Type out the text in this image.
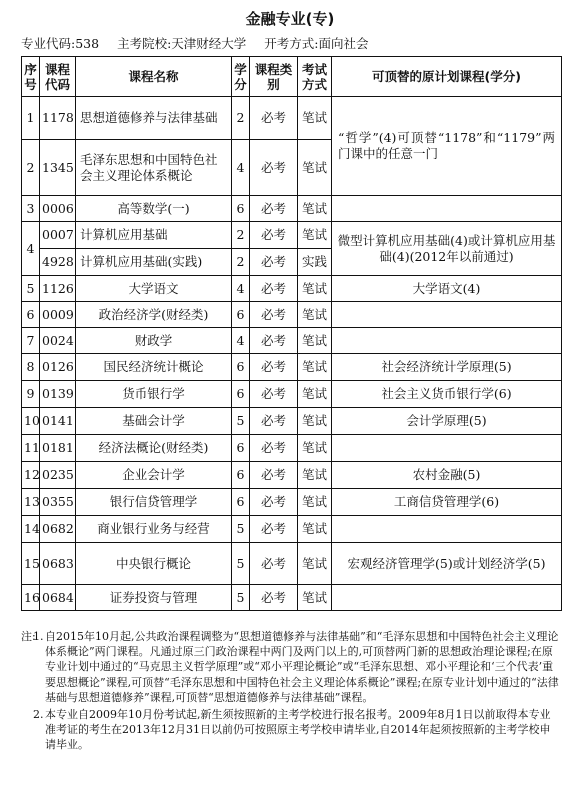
金融专业(专)
专业代码:538 主考院校:天津财经大学 开考方式:面向社会
序号	课程代码	课程名称	学分	课程类别	考试方式	可顶替的原计划课程(学分)
1	1178	思想道德修养与法律基础	2	必考	笔试	“哲学”(4)可顶替“1178”和“1179”两门课中的任意一门
2	1345	毛泽东思想和中国特色社会主义理论体系概论	4	必考	笔试	
3	0006	高等数学(一)	6	必考	笔试	
4	0007	计算机应用基础	2	必考	笔试	微型计算机应用基础(4)或计算机应用基础(4)(2012年以前通过)
	4928	计算机应用基础(实践)	2	必考	实践	
5	1126	大学语文	4	必考	笔试	大学语文(4)
6	0009	政治经济学(财经类)	6	必考	笔试	
7	0024	财政学	4	必考	笔试	
8	0126	国民经济统计概论	6	必考	笔试	社会经济统计学原理(5)
9	0139	货币银行学	6	必考	笔试	社会主义货币银行学(6)
10	0141	基础会计学	5	必考	笔试	会计学原理(5)
11	0181	经济法概论(财经类)	6	必考	笔试	
12	0235	企业会计学	6	必考	笔试	农村金融(5)
13	0355	银行信贷管理学	6	必考	笔试	工商信贷管理学(6)
14	0682	商业银行业务与经营	5	必考	笔试	
15	0683	中央银行概论	5	必考	笔试	宏观经济管理学(5)或计划经济学(5)
16	0684	证券投资与管理	5	必考	笔试	
注:
1. 自2015年10月起,公共政治课程调整为“思想道德修养与法律基础”和“毛泽东思想和中国特色社会主义理论体系概论”两门课程。凡通过原三门政治课程中两门及两门以上的,可顶替两门新的思想政治理论课程;在原专业计划中通过的“马克思主义哲学原理”或“邓小平理论概论”或“毛泽东思想、邓小平理论和‘三个代表’重要思想概论”课程,可顶替“毛泽东思想和中国特色社会主义理论体系概论”课程;在原专业计划中通过的“法律基础与思想道德修养”课程,可顶替“思想道德修养与法律基础”课程。
2. 本专业自2009年10月份考试起,新生须按照新的主考学校进行报名报考。2009年8月1日以前取得本专业准考证的考生在2013年12月31日以前仍可按照原主考学校申请毕业,自2014年起须按照新的主考学校申请毕业。
